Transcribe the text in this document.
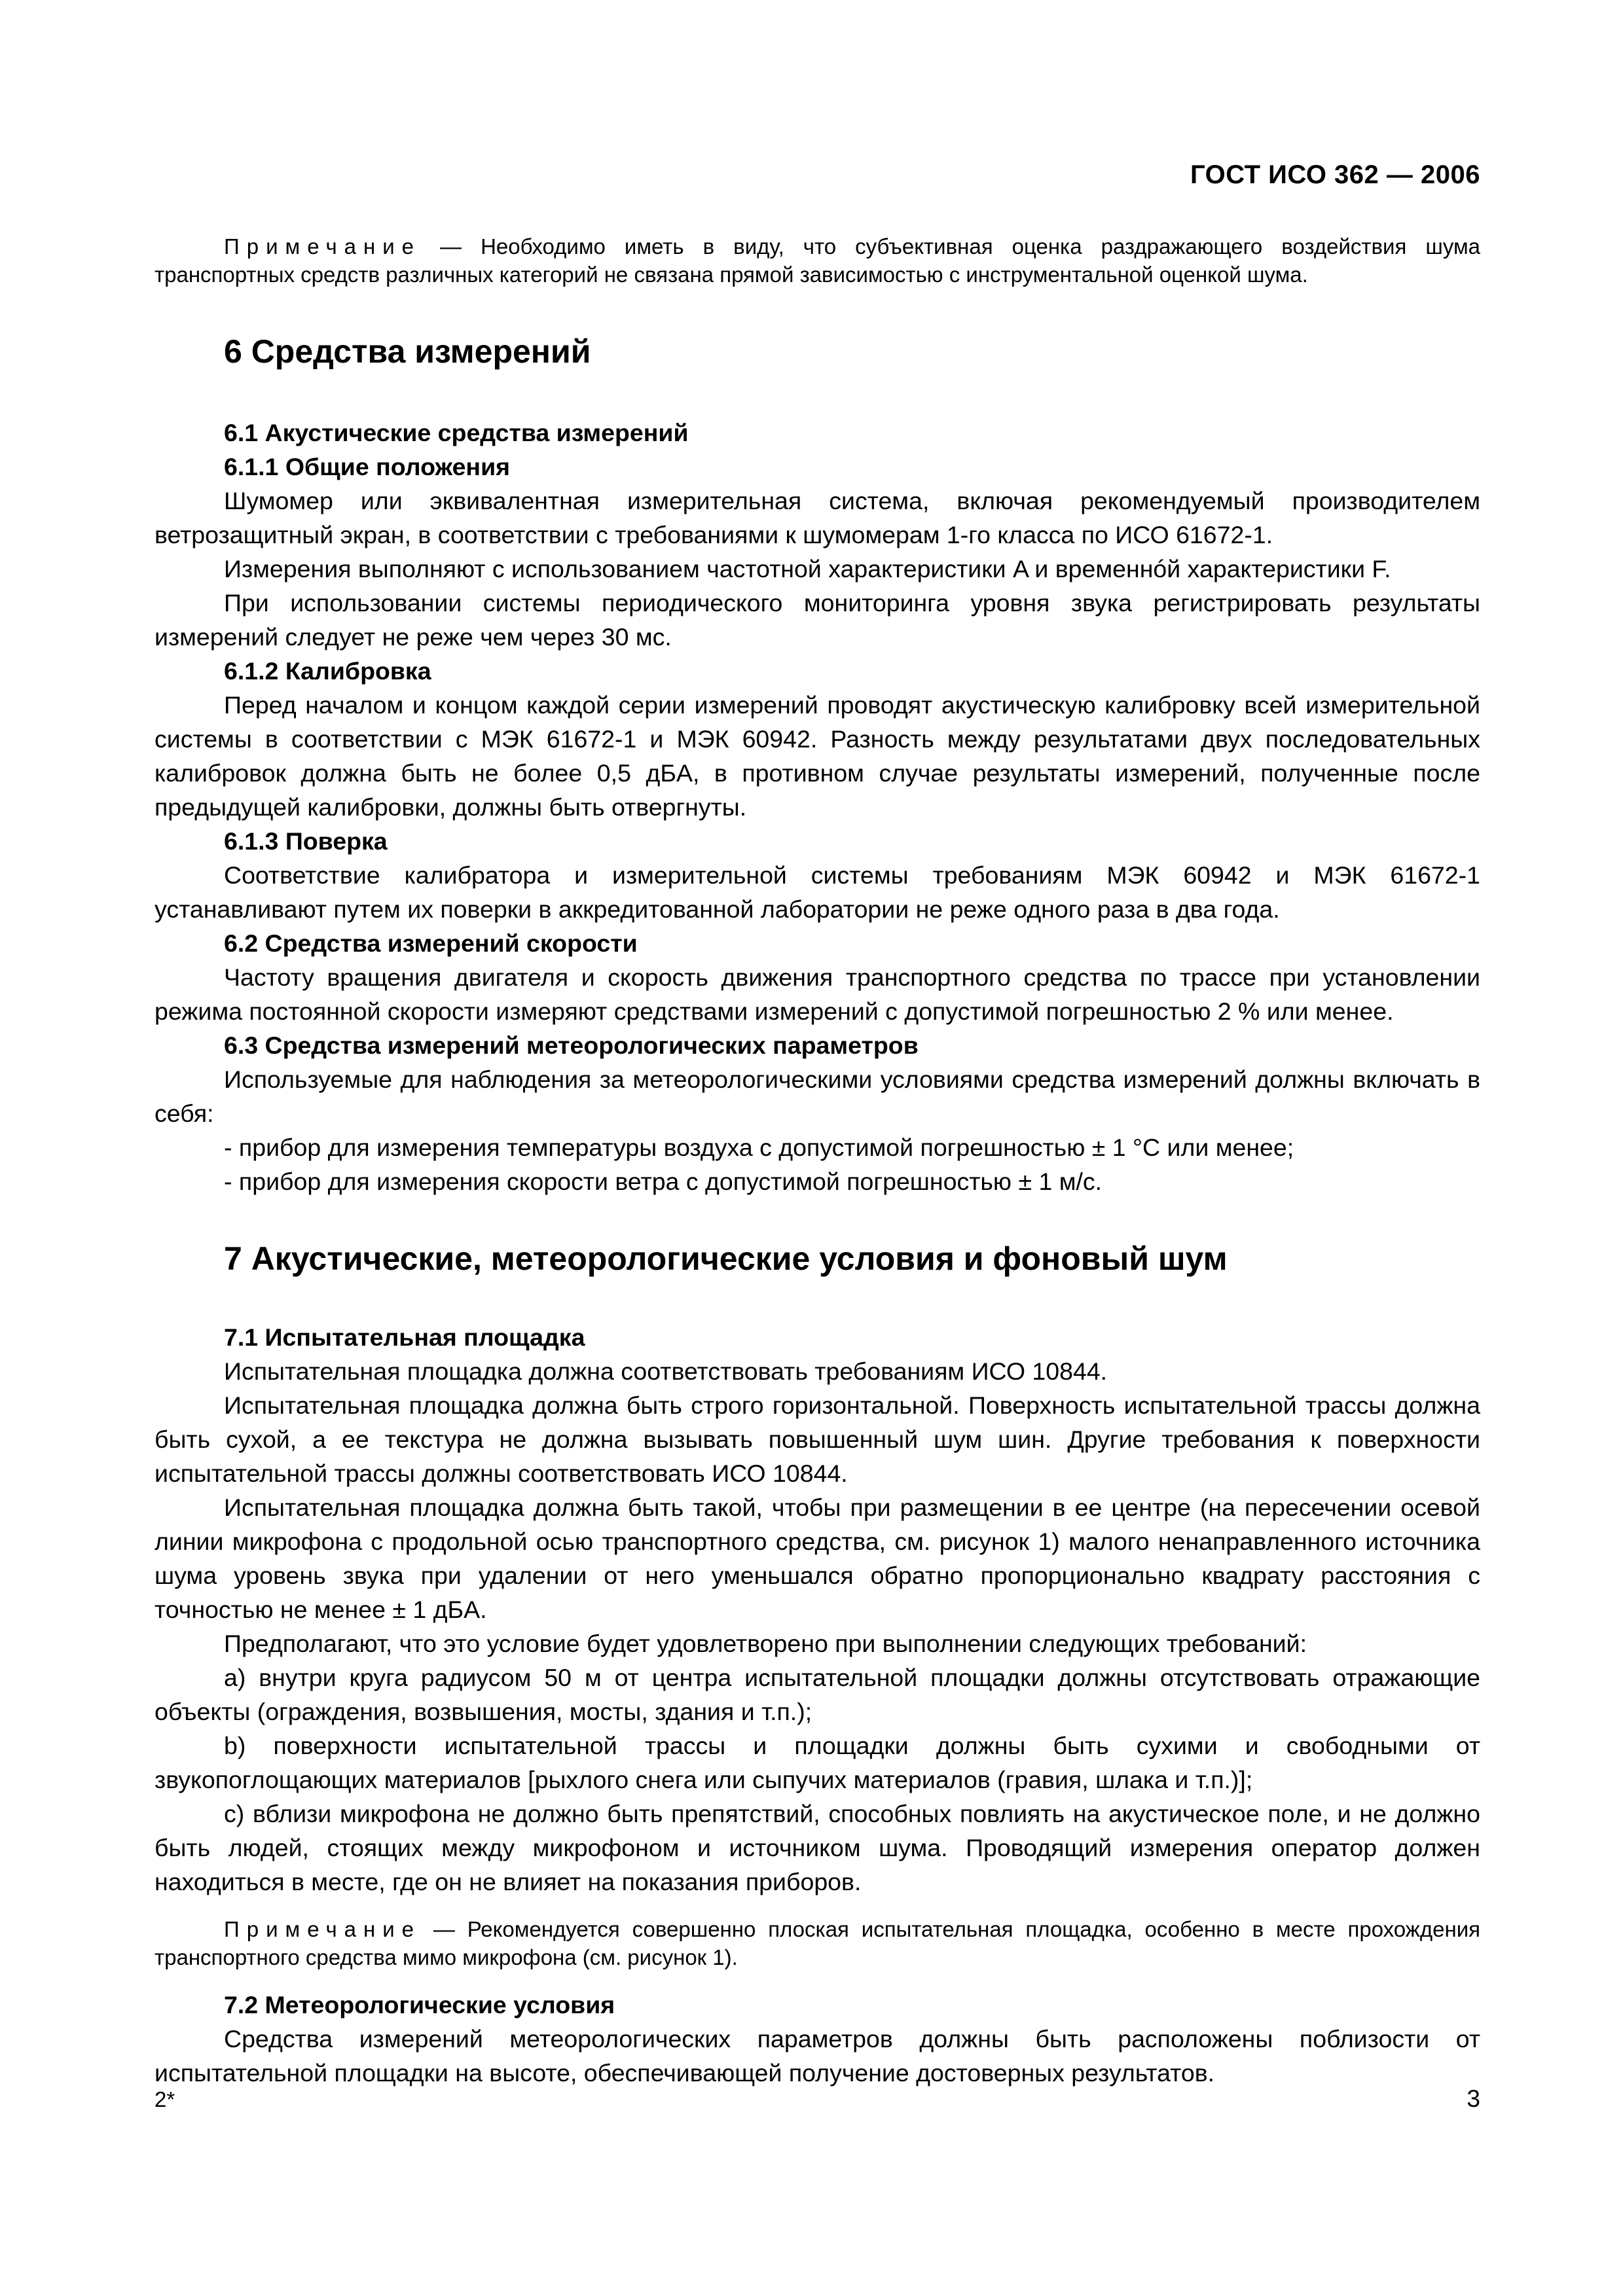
ГОСТ ИСО 362 — 2006

Примечание — Необходимо иметь в виду, что субъективная оценка раздражающего воздействия шума транспортных средств различных категорий не связана прямой зависимостью с инструментальной оценкой шума.

6 Средства измерений
6.1 Акустические средства измерений
6.1.1 Общие положения

Шумомер или эквивалентная измерительная система, включая рекомендуемый производителем ветрозащитный экран, в соответствии с требованиями к шумомерам 1-го класса по ИСО 61672-1.

Измерения выполняют с использованием частотной характеристики A и временнóй характеристики F.

При использовании системы периодического мониторинга уровня звука регистрировать результаты измерений следует не реже чем через 30 мс.

6.1.2 Калибровка

Перед началом и концом каждой серии измерений проводят акустическую калибровку всей измерительной системы в соответствии с МЭК 61672-1 и МЭК 60942. Разность между результатами двух последовательных калибровок должна быть не более 0,5 дБA, в противном случае результаты измерений, полученные после предыдущей калибровки, должны быть отвергнуты.

6.1.3 Поверка

Соответствие калибратора и измерительной системы требованиям МЭК 60942 и МЭК 61672-1 устанавливают путем их поверки в аккредитованной лаборатории не реже одного раза в два года.

6.2 Средства измерений скорости

Частоту вращения двигателя и скорость движения транспортного средства по трассе при установлении режима постоянной скорости измеряют средствами измерений с допустимой погрешностью 2 % или менее.

6.3 Средства измерений метеорологических параметров

Используемые для наблюдения за метеорологическими условиями средства измерений должны включать в себя:

- прибор для измерения температуры воздуха с допустимой погрешностью ± 1 °С или менее;

- прибор для измерения скорости ветра с допустимой погрешностью ± 1 м/с.

7 Акустические, метеорологические условия и фоновый шум
7.1 Испытательная площадка

Испытательная площадка должна соответствовать требованиям ИСО 10844.

Испытательная площадка должна быть строго горизонтальной. Поверхность испытательной трассы должна быть сухой, а ее текстура не должна вызывать повышенный шум шин. Другие требования к поверхности испытательной трассы должны соответствовать ИСО 10844.

Испытательная площадка должна быть такой, чтобы при размещении в ее центре (на пересечении осевой линии микрофона с продольной осью транспортного средства, см. рисунок 1) малого ненаправленного источника шума уровень звука при удалении от него уменьшался обратно пропорционально квадрату расстояния с точностью не менее ± 1 дБA.

Предполагают, что это условие будет удовлетворено при выполнении следующих требований:

a) внутри круга радиусом 50 м от центра испытательной площадки должны отсутствовать отражающие объекты (ограждения, возвышения, мосты, здания и т.п.);

b) поверхности испытательной трассы и площадки должны быть сухими и свободными от звукопоглощающих материалов [рыхлого снега или сыпучих материалов (гравия, шлака и т.п.)];

c) вблизи микрофона не должно быть препятствий, способных повлиять на акустическое поле, и не должно быть людей, стоящих между микрофоном и источником шума. Проводящий измерения оператор должен находиться в месте, где он не влияет на показания приборов.

Примечание — Рекомендуется совершенно плоская испытательная площадка, особенно в месте прохождения транспортного средства мимо микрофона (см. рисунок 1).

7.2 Метеорологические условия

Средства измерений метеорологических параметров должны быть расположены поблизости от испытательной площадки на высоте, обеспечивающей получение достоверных результатов.

2*	3
